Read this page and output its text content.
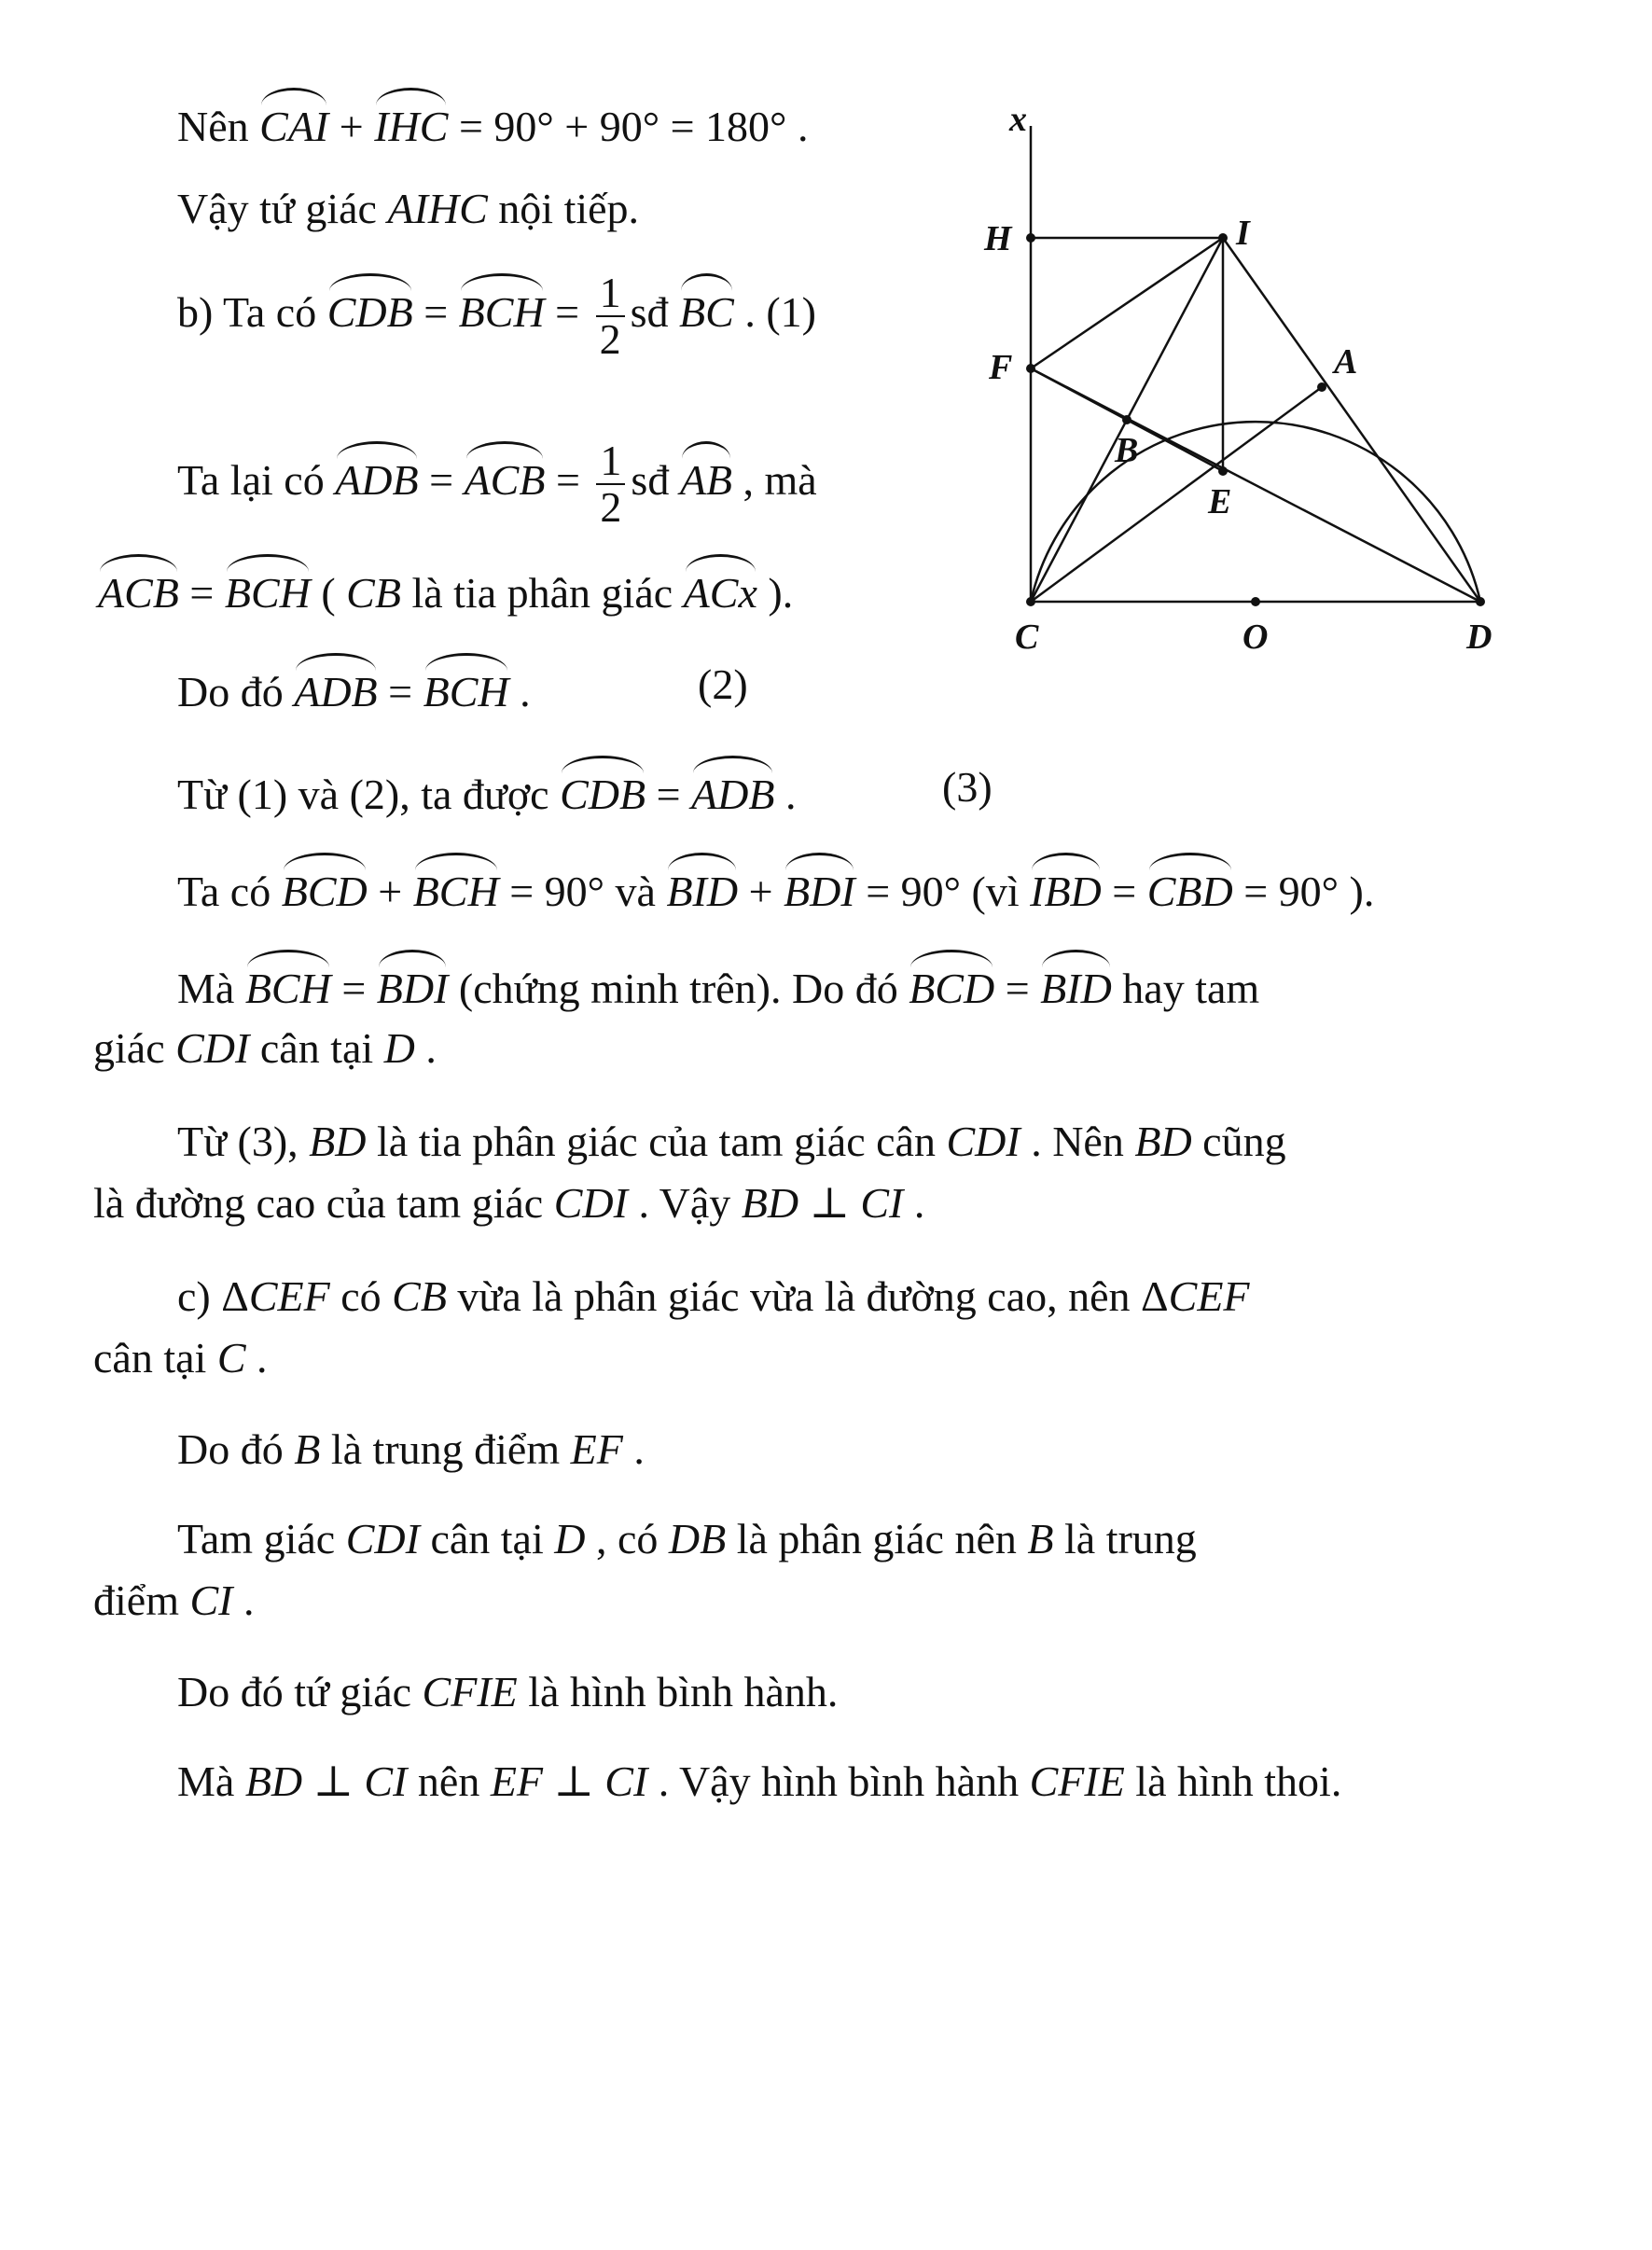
Nên CAI + IHC = 90° + 90° = 180° .
Vậy tứ giác AIHC nội tiếp.
b) Ta có CDB = BCH = $\frac{1}{2}$ sđ BC . (1)
Ta lại có ADB = ACB = $\frac{1}{2}$ sđ AB , mà
ACB = BCH ( CB là tia phân giác ACx ).
Do đó ADB = BCH .	(2)
Từ (1) và (2), ta được CDB = ADB .	(3)
Ta có BCD + BCH = 90° và BID + BDI = 90° (vì IBD = CBD = 90° ).
Mà BCH = BDI (chứng minh trên). Do đó BCD = BID hay tam
giác CDI cân tại D .
Từ (3), BD là tia phân giác của tam giác cân CDI . Nên BD cũng
là đường cao của tam giác CDI . Vậy BD ⊥ CI .
c) ΔCEF có CB vừa là phân giác vừa là đường cao, nên ΔCEF
cân tại C .
Do đó B là trung điểm EF .
Tam giác CDI cân tại D , có DB là phân giác nên B là trung
điểm CI .
Do đó tứ giác CFIE là hình bình hành.
Mà BD ⊥ CI nên EF ⊥ CI . Vậy hình bình hành CFIE là hình thoi.
x
H	I
F	A
B
E
C	O	D
